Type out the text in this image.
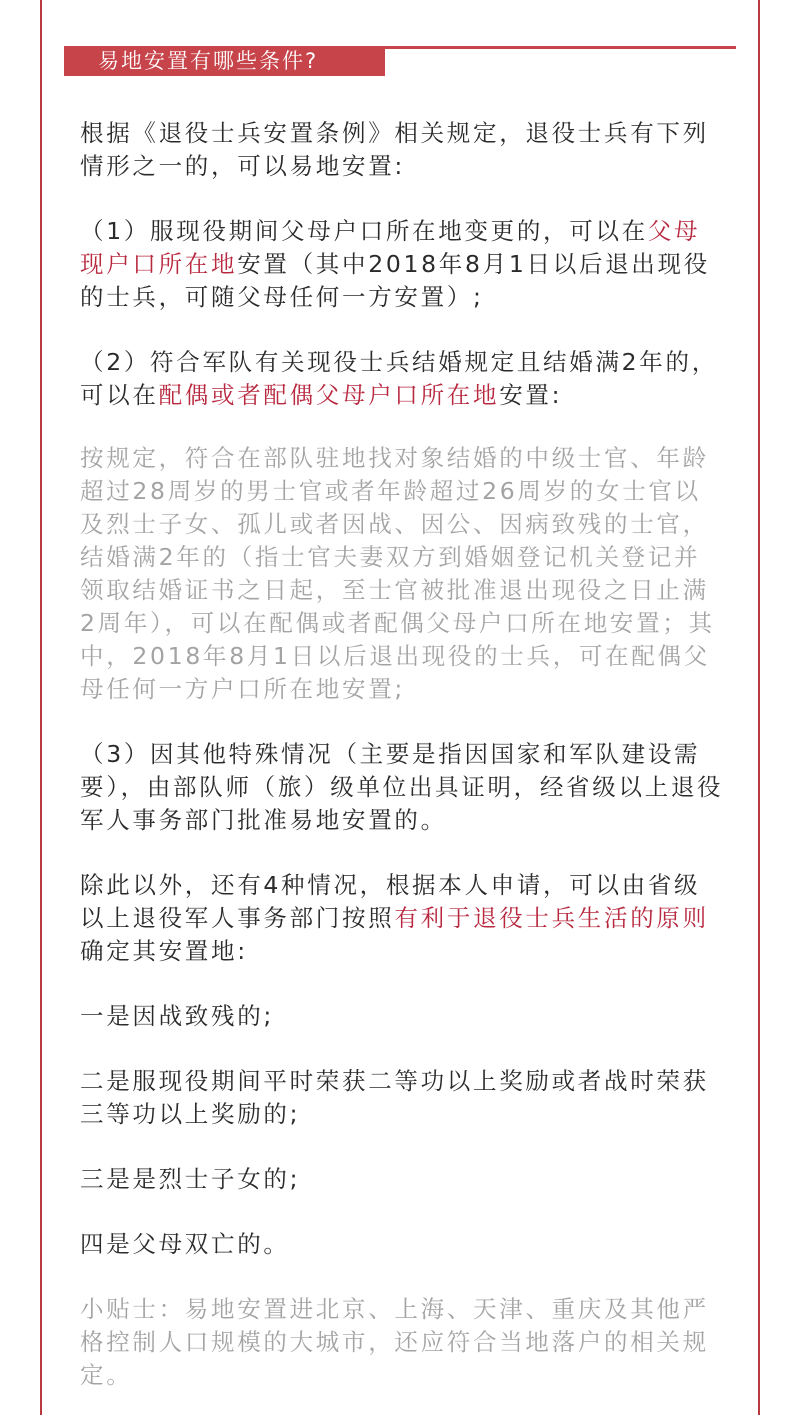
易地安置有哪些条件?

根据《退役士兵安置条例》相关规定，退役士兵有下列情形之一的，可以易地安置:

（1）服现役期间父母户口所在地变更的，可以在父母现户口所在地安置（其中2018年8月1日以后退出现役的士兵，可随父母任何一方安置）;

（2）符合军队有关现役士兵结婚规定且结婚满2年的，可以在配偶或者配偶父母户口所在地安置:

按规定，符合在部队驻地找对象结婚的中级士官、年龄超过28周岁的男士官或者年龄超过26周岁的女士官以及烈士子女、孤儿或者因战、因公、因病致残的士官，结婚满2年的（指士官夫妻双方到婚姻登记机关登记并领取结婚证书之日起，至士官被批准退出现役之日止满2周年），可以在配偶或者配偶父母户口所在地安置；其中，2018年8月1日以后退出现役的士兵，可在配偶父母任何一方户口所在地安置;

（3）因其他特殊情况（主要是指因国家和军队建设需要），由部队师（旅）级单位出具证明，经省级以上退役军人事务部门批准易地安置的。

除此以外，还有4种情况，根据本人申请，可以由省级以上退役军人事务部门按照有利于退役士兵生活的原则确定其安置地:

一是因战致残的;

二是服现役期间平时荣获二等功以上奖励或者战时荣获三等功以上奖励的;

三是是烈士子女的;

四是父母双亡的。

小贴士：易地安置进北京、上海、天津、重庆及其他严格控制人口规模的大城市，还应符合当地落户的相关规定。
